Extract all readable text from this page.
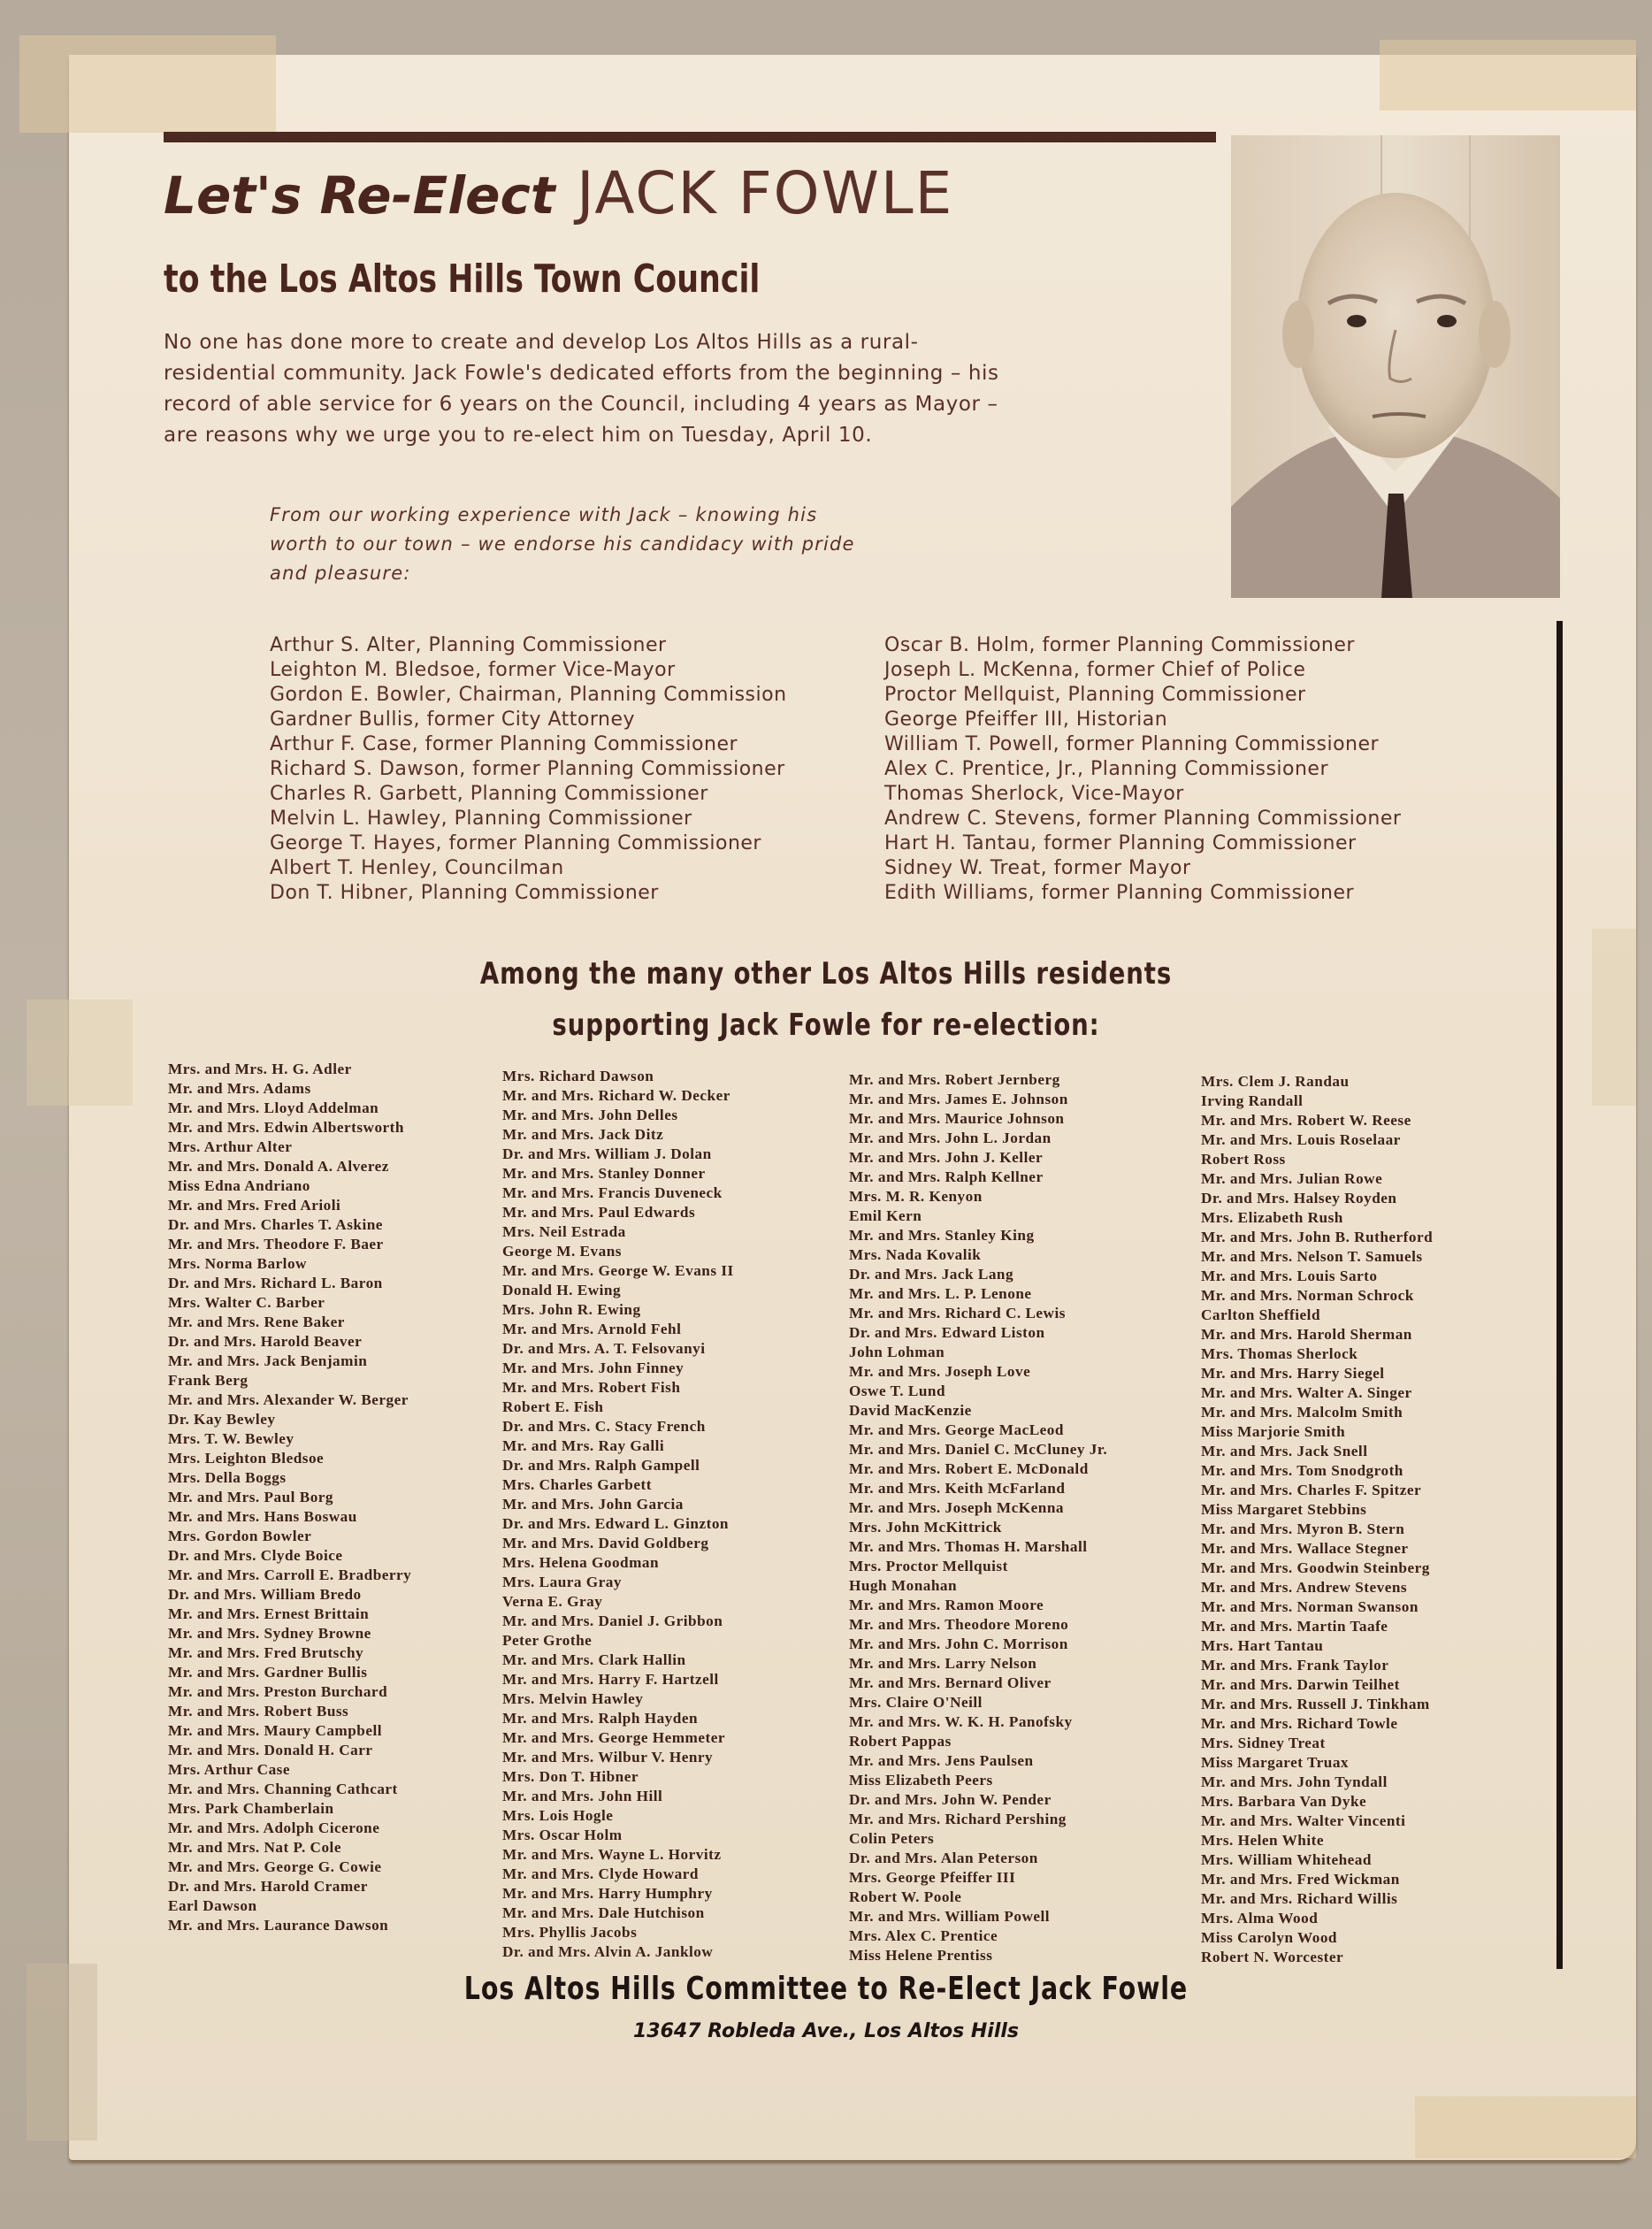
Let's Re-Elect JACK FOWLE
to the Los Altos Hills Town Council
No one has done more to create and develop Los Altos Hills as a rural-
residential community. Jack Fowle's dedicated efforts from the beginning – his
record of able service for 6 years on the Council, including 4 years as Mayor –
are reasons why we urge you to re-elect him on Tuesday, April 10.
From our working experience with Jack – knowing his
worth to our town – we endorse his candidacy with pride
and pleasure:
Arthur S. Alter, Planning Commissioner
Leighton M. Bledsoe, former Vice-Mayor
Gordon E. Bowler, Chairman, Planning Commission
Gardner Bullis, former City Attorney
Arthur F. Case, former Planning Commissioner
Richard S. Dawson, former Planning Commissioner
Charles R. Garbett, Planning Commissioner
Melvin L. Hawley, Planning Commissioner
George T. Hayes, former Planning Commissioner
Albert T. Henley, Councilman
Don T. Hibner, Planning Commissioner
Oscar B. Holm, former Planning Commissioner
Joseph L. McKenna, former Chief of Police
Proctor Mellquist, Planning Commissioner
George Pfeiffer III, Historian
William T. Powell, former Planning Commissioner
Alex C. Prentice, Jr., Planning Commissioner
Thomas Sherlock, Vice-Mayor
Andrew C. Stevens, former Planning Commissioner
Hart H. Tantau, former Planning Commissioner
Sidney W. Treat, former Mayor
Edith Williams, former Planning Commissioner
Among the many other Los Altos Hills residents
supporting Jack Fowle for re-election:
Mrs. and Mrs. H. G. Adler
Mr. and Mrs. Adams
Mr. and Mrs. Lloyd Addelman
Mr. and Mrs. Edwin Albertsworth
Mrs. Arthur Alter
Mr. and Mrs. Donald A. Alverez
Miss Edna Andriano
Mr. and Mrs. Fred Arioli
Dr. and Mrs. Charles T. Askine
Mr. and Mrs. Theodore F. Baer
Mrs. Norma Barlow
Dr. and Mrs. Richard L. Baron
Mrs. Walter C. Barber
Mr. and Mrs. Rene Baker
Dr. and Mrs. Harold Beaver
Mr. and Mrs. Jack Benjamin
Frank Berg
Mr. and Mrs. Alexander W. Berger
Dr. Kay Bewley
Mrs. T. W. Bewley
Mrs. Leighton Bledsoe
Mrs. Della Boggs
Mr. and Mrs. Paul Borg
Mr. and Mrs. Hans Boswau
Mrs. Gordon Bowler
Dr. and Mrs. Clyde Boice
Mr. and Mrs. Carroll E. Bradberry
Dr. and Mrs. William Bredo
Mr. and Mrs. Ernest Brittain
Mr. and Mrs. Sydney Browne
Mr. and Mrs. Fred Brutschy
Mr. and Mrs. Gardner Bullis
Mr. and Mrs. Preston Burchard
Mr. and Mrs. Robert Buss
Mr. and Mrs. Maury Campbell
Mr. and Mrs. Donald H. Carr
Mrs. Arthur Case
Mr. and Mrs. Channing Cathcart
Mrs. Park Chamberlain
Mr. and Mrs. Adolph Cicerone
Mr. and Mrs. Nat P. Cole
Mr. and Mrs. George G. Cowie
Dr. and Mrs. Harold Cramer
Earl Dawson
Mr. and Mrs. Laurance Dawson
Mrs. Richard Dawson
Mr. and Mrs. Richard W. Decker
Mr. and Mrs. John Delles
Mr. and Mrs. Jack Ditz
Dr. and Mrs. William J. Dolan
Mr. and Mrs. Stanley Donner
Mr. and Mrs. Francis Duveneck
Mr. and Mrs. Paul Edwards
Mrs. Neil Estrada
George M. Evans
Mr. and Mrs. George W. Evans II
Donald H. Ewing
Mrs. John R. Ewing
Mr. and Mrs. Arnold Fehl
Dr. and Mrs. A. T. Felsovanyi
Mr. and Mrs. John Finney
Mr. and Mrs. Robert Fish
Robert E. Fish
Dr. and Mrs. C. Stacy French
Mr. and Mrs. Ray Galli
Dr. and Mrs. Ralph Gampell
Mrs. Charles Garbett
Mr. and Mrs. John Garcia
Dr. and Mrs. Edward L. Ginzton
Mr. and Mrs. David Goldberg
Mrs. Helena Goodman
Mrs. Laura Gray
Verna E. Gray
Mr. and Mrs. Daniel J. Gribbon
Peter Grothe
Mr. and Mrs. Clark Hallin
Mr. and Mrs. Harry F. Hartzell
Mrs. Melvin Hawley
Mr. and Mrs. Ralph Hayden
Mr. and Mrs. George Hemmeter
Mr. and Mrs. Wilbur V. Henry
Mrs. Don T. Hibner
Mr. and Mrs. John Hill
Mrs. Lois Hogle
Mrs. Oscar Holm
Mr. and Mrs. Wayne L. Horvitz
Mr. and Mrs. Clyde Howard
Mr. and Mrs. Harry Humphry
Mr. and Mrs. Dale Hutchison
Mrs. Phyllis Jacobs
Dr. and Mrs. Alvin A. Janklow
Mr. and Mrs. Robert Jernberg
Mr. and Mrs. James E. Johnson
Mr. and Mrs. Maurice Johnson
Mr. and Mrs. John L. Jordan
Mr. and Mrs. John J. Keller
Mr. and Mrs. Ralph Kellner
Mrs. M. R. Kenyon
Emil Kern
Mr. and Mrs. Stanley King
Mrs. Nada Kovalik
Dr. and Mrs. Jack Lang
Mr. and Mrs. L. P. Lenone
Mr. and Mrs. Richard C. Lewis
Dr. and Mrs. Edward Liston
John Lohman
Mr. and Mrs. Joseph Love
Oswe T. Lund
David MacKenzie
Mr. and Mrs. George MacLeod
Mr. and Mrs. Daniel C. McCluney Jr.
Mr. and Mrs. Robert E. McDonald
Mr. and Mrs. Keith McFarland
Mr. and Mrs. Joseph McKenna
Mrs. John McKittrick
Mr. and Mrs. Thomas H. Marshall
Mrs. Proctor Mellquist
Hugh Monahan
Mr. and Mrs. Ramon Moore
Mr. and Mrs. Theodore Moreno
Mr. and Mrs. John C. Morrison
Mr. and Mrs. Larry Nelson
Mr. and Mrs. Bernard Oliver
Mrs. Claire O'Neill
Mr. and Mrs. W. K. H. Panofsky
Robert Pappas
Mr. and Mrs. Jens Paulsen
Miss Elizabeth Peers
Dr. and Mrs. John W. Pender
Mr. and Mrs. Richard Pershing
Colin Peters
Dr. and Mrs. Alan Peterson
Mrs. George Pfeiffer III
Robert W. Poole
Mr. and Mrs. William Powell
Mrs. Alex C. Prentice
Miss Helene Prentiss
Mrs. Clem J. Randau
Irving Randall
Mr. and Mrs. Robert W. Reese
Mr. and Mrs. Louis Roselaar
Robert Ross
Mr. and Mrs. Julian Rowe
Dr. and Mrs. Halsey Royden
Mrs. Elizabeth Rush
Mr. and Mrs. John B. Rutherford
Mr. and Mrs. Nelson T. Samuels
Mr. and Mrs. Louis Sarto
Mr. and Mrs. Norman Schrock
Carlton Sheffield
Mr. and Mrs. Harold Sherman
Mrs. Thomas Sherlock
Mr. and Mrs. Harry Siegel
Mr. and Mrs. Walter A. Singer
Mr. and Mrs. Malcolm Smith
Miss Marjorie Smith
Mr. and Mrs. Jack Snell
Mr. and Mrs. Tom Snodgroth
Mr. and Mrs. Charles F. Spitzer
Miss Margaret Stebbins
Mr. and Mrs. Myron B. Stern
Mr. and Mrs. Wallace Stegner
Mr. and Mrs. Goodwin Steinberg
Mr. and Mrs. Andrew Stevens
Mr. and Mrs. Norman Swanson
Mr. and Mrs. Martin Taafe
Mrs. Hart Tantau
Mr. and Mrs. Frank Taylor
Mr. and Mrs. Darwin Teilhet
Mr. and Mrs. Russell J. Tinkham
Mr. and Mrs. Richard Towle
Mrs. Sidney Treat
Miss Margaret Truax
Mr. and Mrs. John Tyndall
Mrs. Barbara Van Dyke
Mr. and Mrs. Walter Vincenti
Mrs. Helen White
Mrs. William Whitehead
Mr. and Mrs. Fred Wickman
Mr. and Mrs. Richard Willis
Mrs. Alma Wood
Miss Carolyn Wood
Robert N. Worcester
Los Altos Hills Committee to Re-Elect Jack Fowle
13647 Robleda Ave., Los Altos Hills
